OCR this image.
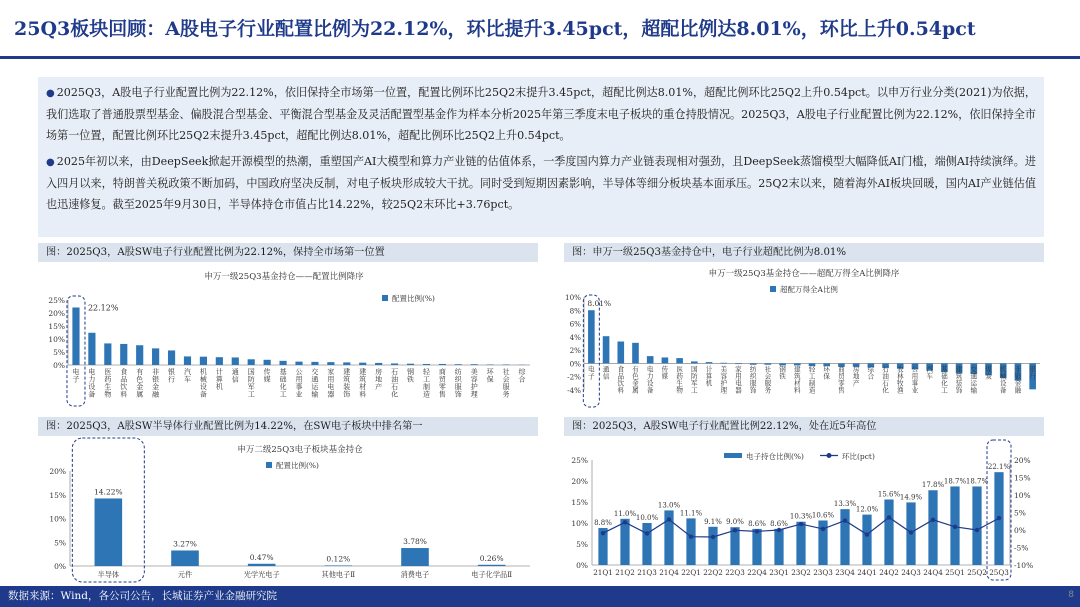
25Q3板块回顾：A股电子行业配置比例为22.12%，环比提升3.45pct，超配比例达8.01%，环比上升0.54pct

● 2025Q3，A股电子行业配置比例为22.12%，依旧保持全市场第一位置，配置比例环比25Q2末提升3.45pct，超配比例达8.01%，超配比例环比25Q2上升0.54pct。以申万行业分类(2021)为依据，我们选取了普通股票型基金、偏股混合型基金、平衡混合型基金及灵活配置型基金作为样本分析2025年第三季度末电子板块的重仓持股情况。2025Q3，A股电子行业配置比例为22.12%，依旧保持全市场第一位置，配置比例环比25Q2末提升3.45pct，超配比例达8.01%，超配比例环比25Q2上升0.54pct。

● 2025年初以来，由DeepSeek掀起开源模型的热潮，重塑国产AI大模型和算力产业链的估值体系，一季度国内算力产业链表现相对强劲，且DeepSeek蒸馏模型大幅降低AI门槛，端侧AI持续演绎。进入四月以来，特朗普关税政策不断加码，中国政府坚决反制，对电子板块形成较大干扰。同时受到短期因素影响，半导体等细分板块基本面承压。25Q2末以来，随着海外AI板块回暖，国内AI产业链估值也迅速修复。截至2025年9月30日，半导体持仓市值占比14.22%，较25Q2末环比+3.76pct。

图：2025Q3，A股SW电子行业配置比例为22.12%，保持全市场第一位置
申万一级25Q3基金持仓——配置比例降序
配置比例(%)
0%
5%
10%
15%
20%
25%
电子
电力设备
医药生物
食品饮料
有色金属
非银金融
银行
汽车
机械设备
计算机
通信
国防军工
传媒
基础化工
公用事业
交通运输
家用电器
建筑装饰
建筑材料
房地产
石油石化
钢铁
轻工制造
商贸零售
纺织服饰
美容护理
环保
社会服务
综合
22.12%
图：申万一级25Q3基金持仓中，电子行业超配比例为8.01%
申万一级25Q3基金持仓——超配万得全A比例降序
超配万得全A比例
-4%
-2%
0%
2%
4%
6%
8%
10%
电子
通信
食品饮料
有色金属
电力设备
传媒
医药生物
国防军工
计算机
美容护理
家用电器
纺织服饰
社会服务
钢铁
建筑材料
轻工制造
环保
商贸零售
房地产
综合
石油石化
农林牧渔
公用事业
汽车
基础化工
建筑装饰
交通运输
煤炭
机械设备
非银金融
银行
8.01%
图：2025Q3，A股SW半导体行业配置比例为14.22%，在SW电子板块中排名第一
申万二级25Q3电子板块基金持仓
配置比例(%)
0%
5%
10%
15%
20%
14.22%
半导体
3.27%
元件
0.47%
光学光电子
0.12%
其他电子Ⅱ
3.78%
消费电子
0.26%
电子化学品Ⅱ
图：2025Q3，A股SW电子行业配置比例22.12%，处在近5年高位
电子持仓比例(%)	环比(pct)
0%
5%
10%
15%
20%
25%
-10%
-5%
0%
5%
10%
15%
20%
8.8%
21Q1
11.0%
21Q2
10.0%
21Q3
13.0%
21Q4
11.1%
22Q1
9.1%
22Q2
9.0%
22Q3
8.6%
22Q4
8.6%
23Q1
10.3%
23Q2
10.6%
23Q3
13.3%
23Q4
12.0%
24Q1
15.6%
24Q2
14.9%
24Q3
17.8%
24Q4
18.7%
25Q1
18.7%
25Q2
22.1%
25Q3
数据来源：Wind，各公司公告，长城证券产业金融研究院	8
